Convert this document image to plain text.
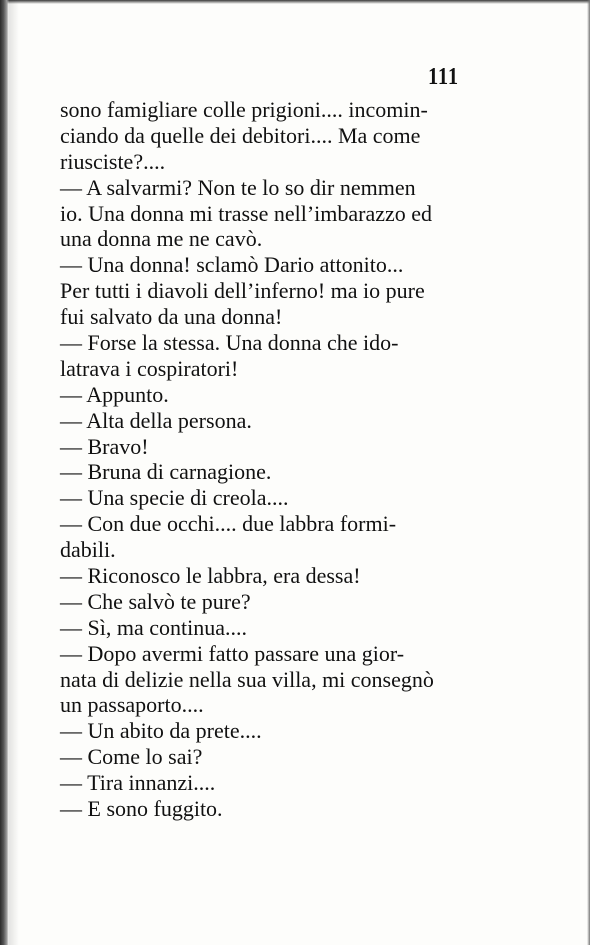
111
sono famigliare colle prigioni.... incomin-
ciando da quelle dei debitori.... Ma come
riusciste?....
— A salvarmi? Non te lo so dir nemmen
io. Una donna mi trasse nell’imbarazzo ed
una donna me ne cavò.
— Una donna! sclamò Dario attonito...
Per tutti i diavoli dell’inferno! ma io pure
fui salvato da una donna!
— Forse la stessa. Una donna che ido-
latrava i cospiratori!
— Appunto.
— Alta della persona.
— Bravo!
— Bruna di carnagione.
— Una specie di creola....
— Con due occhi.... due labbra formi-
dabili.
— Riconosco le labbra, era dessa!
— Che salvò te pure?
— Sì, ma continua....
— Dopo avermi fatto passare una gior-
nata di delizie nella sua villa, mi consegnò
un passaporto....
— Un abito da prete....
— Come lo sai?
— Tira innanzi....
— E sono fuggito.
